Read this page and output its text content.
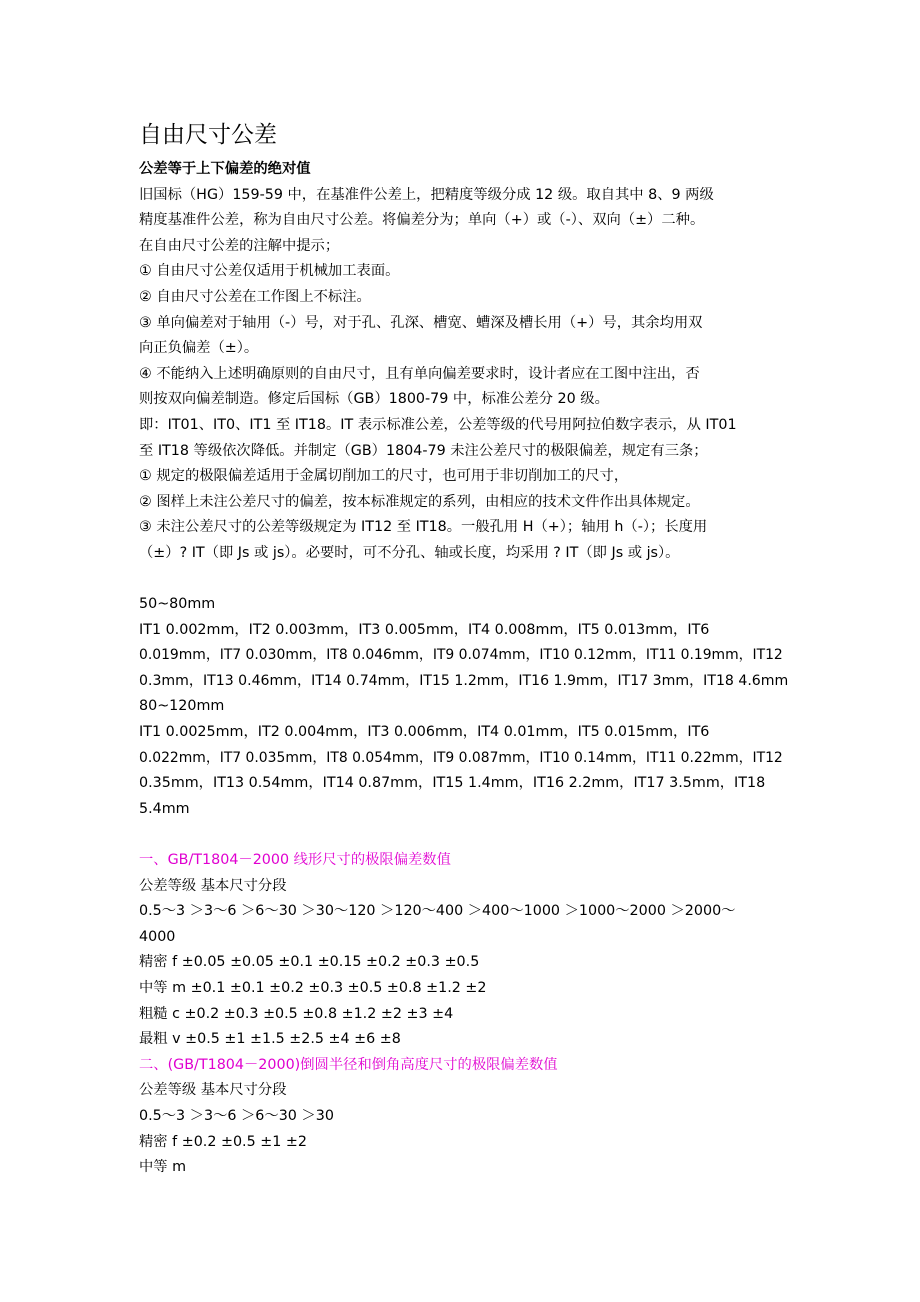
自由尺寸公差

公差等于上下偏差的绝对值

旧国标（HG）159-59 中，在基准件公差上，把精度等级分成 12 级。取自其中 8、9 两级

精度基准件公差，称为自由尺寸公差。将偏差分为；单向（+）或（-）、双向（±）二种。

在自由尺寸公差的注解中提示；

① 自由尺寸公差仅适用于机械加工表面。

② 自由尺寸公差在工作图上不标注。

③ 单向偏差对于轴用（-）号，对于孔、孔深、槽宽、螬深及槽长用（+）号，其余均用双

向正负偏差（±）。

④ 不能纳入上述明确原则的自由尺寸，且有单向偏差要求时，设计者应在工图中注出，否

则按双向偏差制造。修定后国标（GB）1800-79 中，标准公差分 20 级。

即：IT01、IT0、IT1 至 IT18。IT 表示标准公差，公差等级的代号用阿拉伯数字表示，从 IT01

至 IT18 等级依次降低。并制定（GB）1804-79 未注公差尺寸的极限偏差，规定有三条；

① 规定的极限偏差适用于金属切削加工的尺寸，也可用于非切削加工的尺寸，

② 图样上未注公差尺寸的偏差，按本标准规定的系列，由相应的技术文件作出具体规定。

③ 未注公差尺寸的公差等级规定为 IT12 至 IT18。一般孔用 H（+）；轴用 h（-）；长度用

（±）? IT（即 Js 或 js）。必要时，可不分孔、轴或长度，均采用 ? IT（即 Js 或 js）。

50~80mm

IT1 0.002mm，IT2 0.003mm，IT3 0.005mm，IT4 0.008mm，IT5 0.013mm，IT6

0.019mm，IT7 0.030mm，IT8 0.046mm，IT9 0.074mm，IT10 0.12mm，IT11 0.19mm，IT12

0.3mm，IT13 0.46mm，IT14 0.74mm，IT15 1.2mm，IT16 1.9mm，IT17 3mm，IT18 4.6mm

80~120mm

IT1 0.0025mm，IT2 0.004mm，IT3 0.006mm，IT4 0.01mm，IT5 0.015mm，IT6

0.022mm，IT7 0.035mm，IT8 0.054mm，IT9 0.087mm，IT10 0.14mm，IT11 0.22mm，IT12

0.35mm，IT13 0.54mm，IT14 0.87mm，IT15 1.4mm，IT16 2.2mm，IT17 3.5mm，IT18

5.4mm

一、GB/T1804－2000 线形尺寸的极限偏差数值

公差等级 基本尺寸分段

0.5～3 ＞3～6 ＞6～30 ＞30～120 ＞120～400 ＞400～1000 ＞1000～2000 ＞2000～

4000

精密 f ±0.05 ±0.05 ±0.1 ±0.15 ±0.2 ±0.3 ±0.5

中等 m ±0.1 ±0.1 ±0.2 ±0.3 ±0.5 ±0.8 ±1.2 ±2

粗糙 c ±0.2 ±0.3 ±0.5 ±0.8 ±1.2 ±2 ±3 ±4

最粗 v ±0.5 ±1 ±1.5 ±2.5 ±4 ±6 ±8

二、(GB/T1804－2000)倒圆半径和倒角高度尺寸的极限偏差数值

公差等级 基本尺寸分段

0.5～3 ＞3～6 ＞6～30 ＞30

精密 f ±0.2 ±0.5 ±1 ±2

中等 m
